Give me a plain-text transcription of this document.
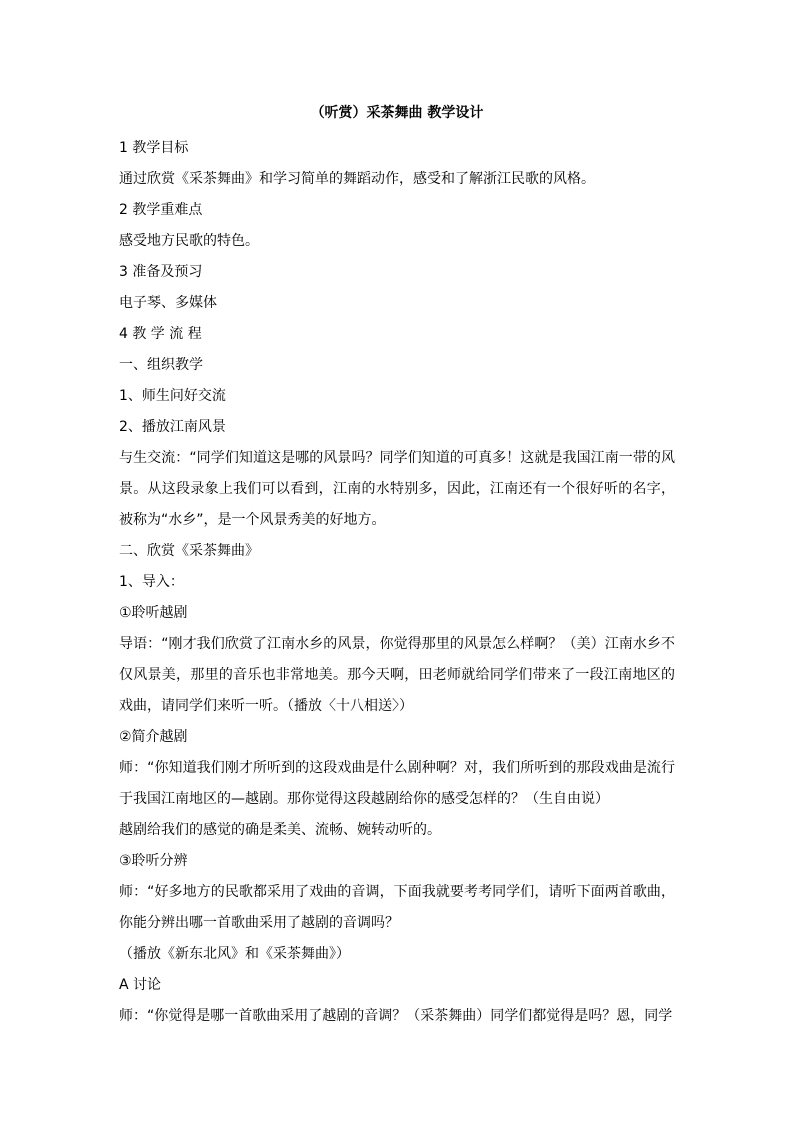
（听赏）采茶舞曲 教学设计

1 教学目标

通过欣赏《采茶舞曲》和学习简单的舞蹈动作，感受和了解浙江民歌的风格。

2 教学重难点

感受地方民歌的特色。

3 准备及预习

电子琴、多媒体

4 教 学 流 程

一、组织教学

1、师生问好交流

2、播放江南风景

与生交流：“同学们知道这是哪的风景吗？同学们知道的可真多！这就是我国江南一带的风景。从这段录象上我们可以看到，江南的水特别多，因此，江南还有一个很好听的名字，被称为“水乡”，是一个风景秀美的好地方。

二、欣赏《采茶舞曲》

1、导入：

①聆听越剧

导语：“刚才我们欣赏了江南水乡的风景，你觉得那里的风景怎么样啊？（美）江南水乡不仅风景美，那里的音乐也非常地美。那今天啊，田老师就给同学们带来了一段江南地区的戏曲，请同学们来听一听。（播放〈十八相送〉）

②简介越剧

师：“你知道我们刚才所听到的这段戏曲是什么剧种啊？对，我们所听到的那段戏曲是流行于我国江南地区的—越剧。那你觉得这段越剧给你的感受怎样的？（生自由说）

越剧给我们的感觉的确是柔美、流畅、婉转动听的。

③聆听分辨

师：“好多地方的民歌都采用了戏曲的音调，下面我就要考考同学们，请听下面两首歌曲，你能分辨出哪一首歌曲采用了越剧的音调吗？

（播放《新东北风》和《采茶舞曲》）

A 讨论

师：“你觉得是哪一首歌曲采用了越剧的音调？（采茶舞曲）同学们都觉得是吗？恩，同学
